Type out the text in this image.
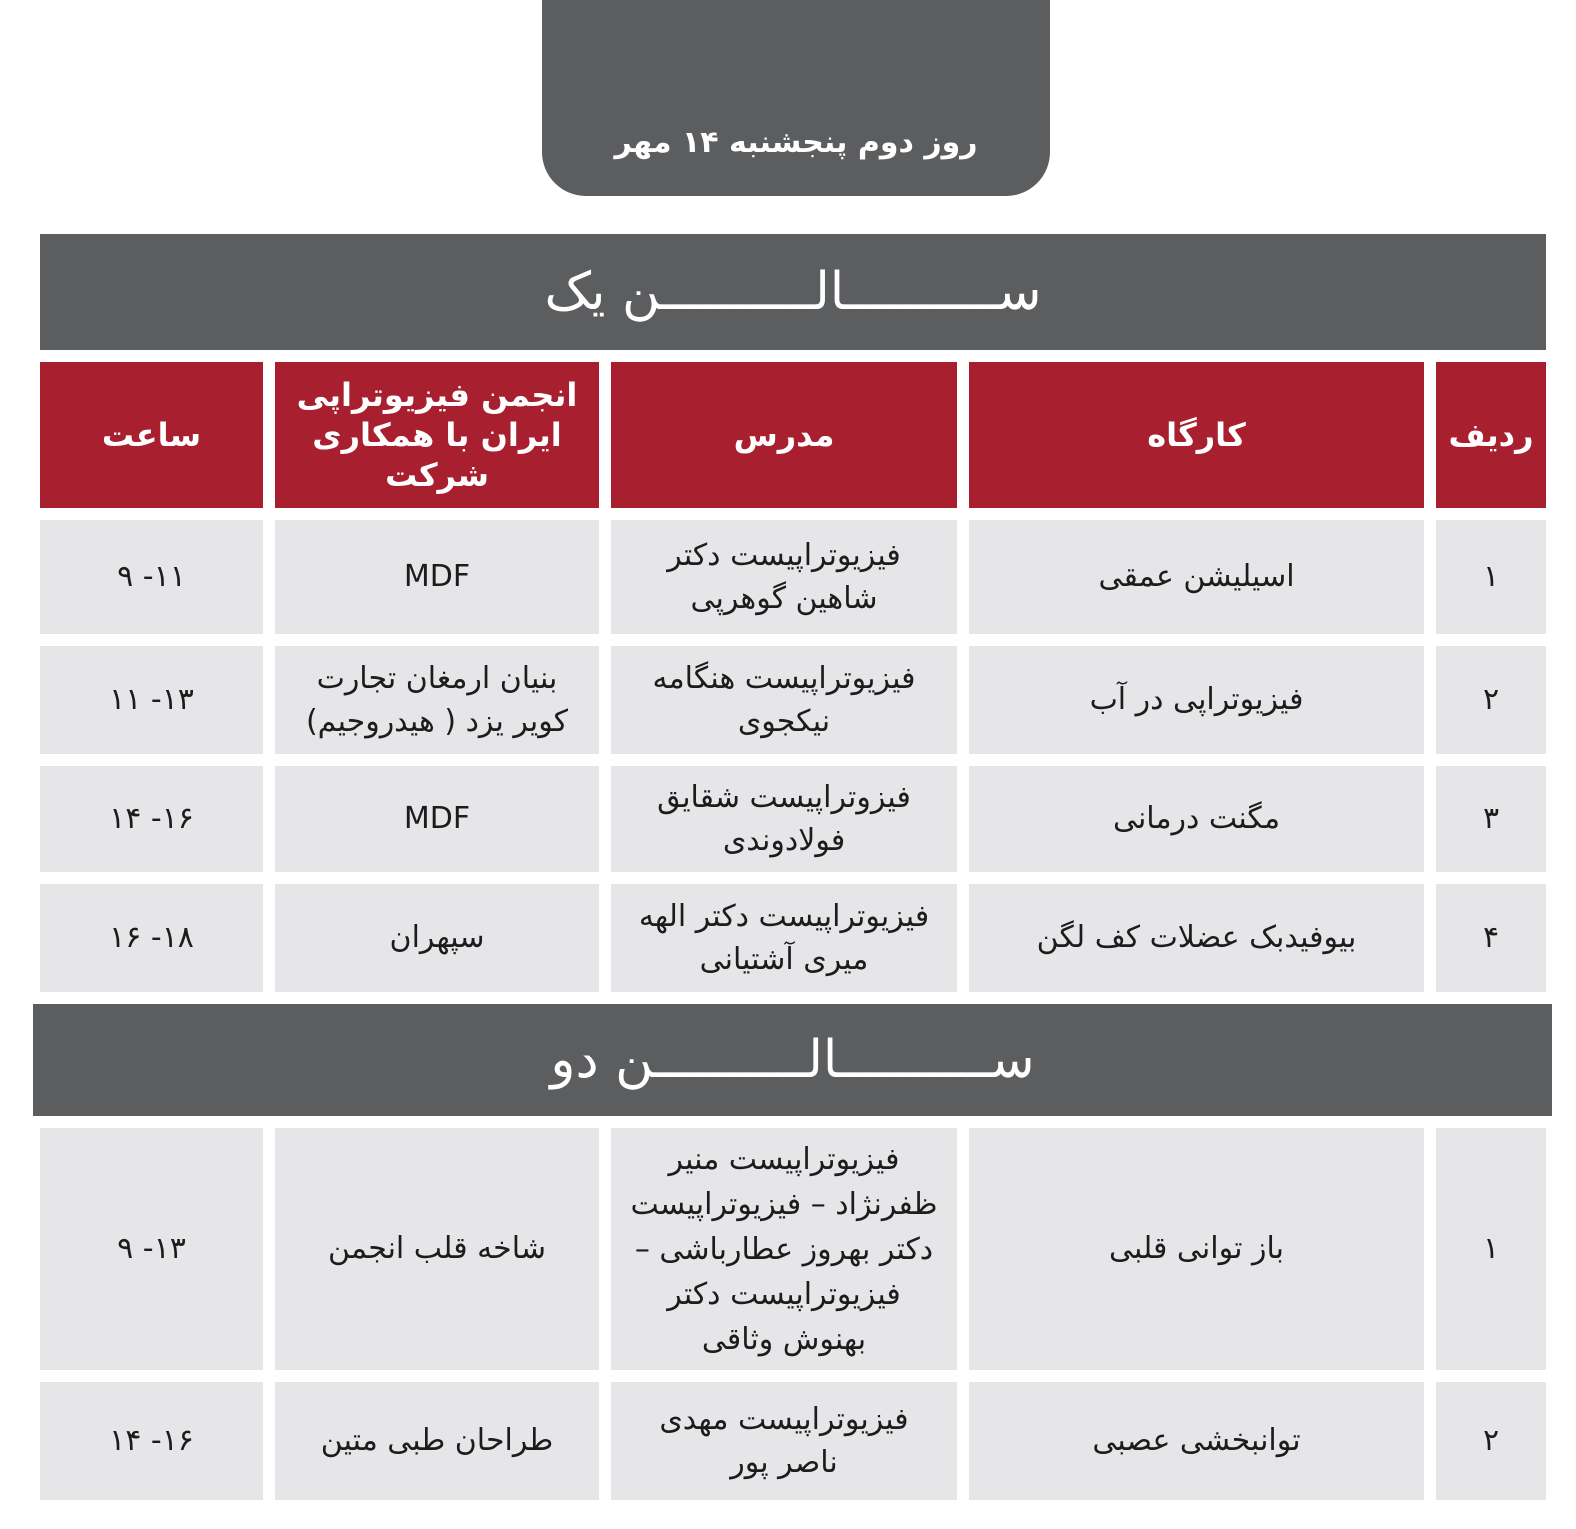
روز دوم پنجشنبه ۱۴ مهر
ســــــــــالــــــــــن یک
ردیف
کارگاه
مدرس
انجمن فیزیوتراپی ایران با همکاری شرکت
ساعت
۱
اسیلیشن عمقی
فیزیوتراپیست دکتر شاهین گوهرپی
MDF
۱۱- ۹
۲
فیزیوتراپی در آب
فیزیوتراپیست هنگامه نیکجوی
بنیان ارمغان تجارت کویر یزد ( هیدروجیم)
۱۳- ۱۱
۳
مگنت درمانی
فیزوتراپیست شقایق فولادوندی
MDF
۱۶- ۱۴
۴
بیوفیدبک عضلات کف لگن
فیزیوتراپیست دکتر الهه میری آشتیانی
سپهران
۱۸- ۱۶
ســــــــــالــــــــــن دو
۱
باز توانی قلبی
فیزیوتراپیست منیر ظفرنژاد – فیزیوتراپیست دکتر بهروز عطارباشی – فیزیوتراپیست دکتر بهنوش وثاقی
شاخه قلب انجمن
۱۳- ۹
۲
توانبخشی عصبی
فیزیوتراپیست مهدی ناصر پور
طراحان طبی متین
۱۶- ۱۴
